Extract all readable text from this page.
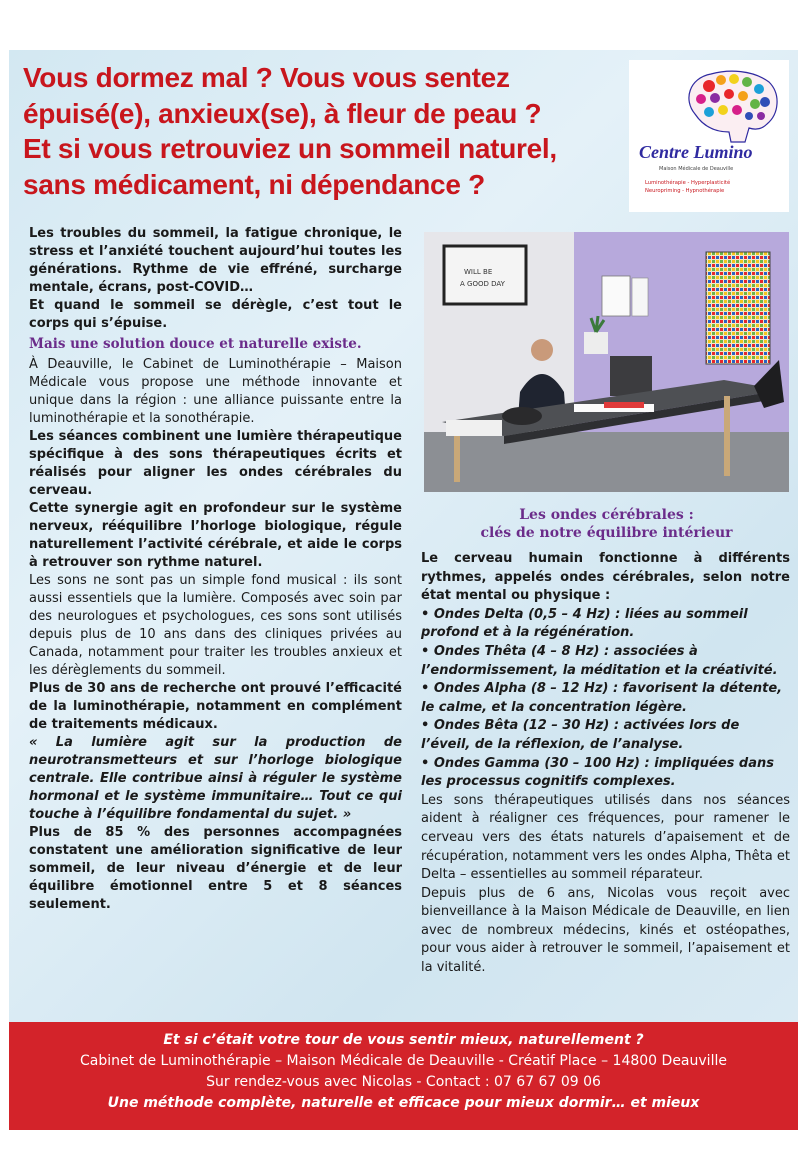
Vous dormez mal ? Vous vous sentez
épuisé(e), anxieux(se), à fleur de peau ?
Et si vous retrouviez un sommeil naturel,
sans médicament, ni dépendance ?
Centre Lumino
Maison Médicale de Deauville
Luminothérapie - Hyperplasticité
Neuropriming - Hypnothérapie

Les troubles du sommeil, la fatigue chronique, le stress et l’anxiété touchent aujourd’hui toutes les générations. Rythme de vie effréné, surcharge mentale, écrans, post-COVID…

Et quand le sommeil se dérègle, c’est tout le corps qui s’épuise.

Mais une solution douce et naturelle existe.

À Deauville, le Cabinet de Luminothérapie – Maison Médicale vous propose une méthode innovante et unique dans la région : une alliance puissante entre la luminothérapie et la sonothérapie.

Les séances combinent une lumière thérapeutique spécifique à des sons thérapeutiques écrits et réalisés pour aligner les ondes cérébrales du cerveau.

Cette synergie agit en profondeur sur le système nerveux, rééquilibre l’horloge biologique, régule naturellement l’activité cérébrale, et aide le corps à retrouver son rythme naturel.

Les sons ne sont pas un simple fond musical : ils sont aussi essentiels que la lumière. Composés avec soin par des neurologues et psychologues, ces sons sont utilisés depuis plus de 10 ans dans des cliniques privées au Canada, notamment pour traiter les troubles anxieux et les dérèglements du sommeil.

Plus de 30 ans de recherche ont prouvé l’efficacité de la luminothérapie, notamment en complément de traitements médicaux.

« La lumière agit sur la production de neurotransmetteurs et sur l’horloge biologique centrale. Elle contribue ainsi à réguler le système hormonal et le système immunitaire… Tout ce qui touche à l’équilibre fondamental du sujet. »

Plus de 85 % des personnes accompagnées constatent une amélioration significative de leur sommeil, de leur niveau d’énergie et de leur équilibre émotionnel entre 5 et 8 séances seulement.

WILL BE
A GOOD DAY

Les ondes cérébrales :
clés de notre équilibre intérieur

Le cerveau humain fonctionne à différents rythmes, appelés ondes cérébrales, selon notre état mental ou physique :

• Ondes Delta (0,5 – 4 Hz) : liées au sommeil profond et à la régénération.

• Ondes Thêta (4 – 8 Hz) : associées à l’endormissement, la méditation et la créativité.

• Ondes Alpha (8 – 12 Hz) : favorisent la détente, le calme, et la concentration légère.

• Ondes Bêta (12 – 30 Hz) : activées lors de l’éveil, de la réflexion, de l’analyse.

• Ondes Gamma (30 – 100 Hz) : impliquées dans les processus cognitifs complexes.

Les sons thérapeutiques utilisés dans nos séances aident à réaligner ces fréquences, pour ramener le cerveau vers des états naturels d’apaisement et de récupération, notamment vers les ondes Alpha, Thêta et Delta – essentielles au sommeil réparateur.

Depuis plus de 6 ans, Nicolas vous reçoit avec bienveillance à la Maison Médicale de Deauville, en lien avec de nombreux médecins, kinés et ostéopathes, pour vous aider à retrouver le sommeil, l’apaisement et la vitalité.

Et si c’était votre tour de vous sentir mieux, naturellement ?

Cabinet de Luminothérapie – Maison Médicale de Deauville - Créatif Place – 14800 Deauville

Sur rendez-vous avec Nicolas - Contact : 07 67 67 09 06

Une méthode complète, naturelle et efficace pour mieux dormir… et mieux
